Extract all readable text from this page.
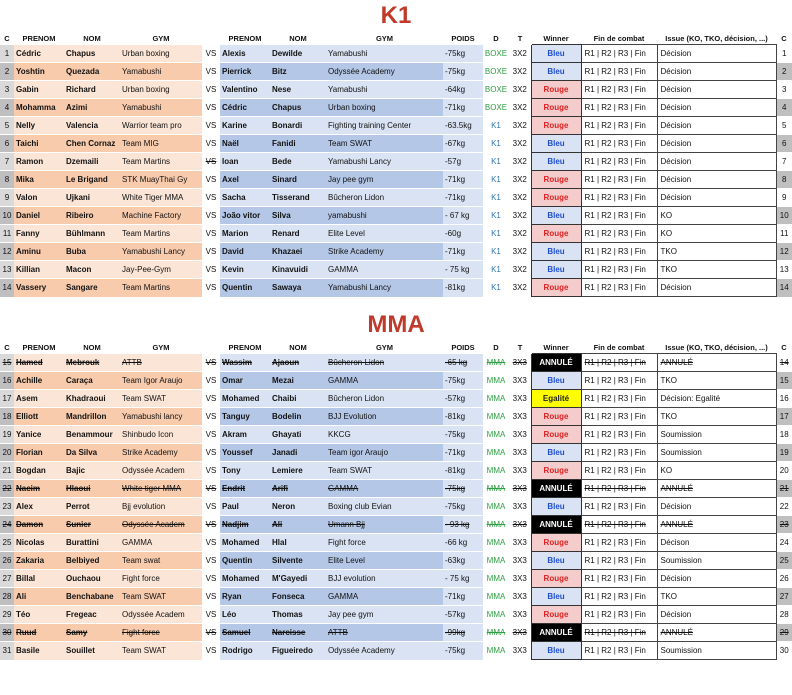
K1
C	PRENOM	NOM	GYM		PRENOM	NOM	GYM	POIDS	D	T	Winner	Fin de combat	Issue (KO, TKO, décision, ...)	C
1	Cédric	Chapus	Urban boxing	VS	Alexis	Dewilde	Yamabushi	-75kg	BOXE	3X2	Bleu	R1 | R2 | R3 | Fin	Décision	1
2	Yoshtin	Quezada	Yamabushi	VS	Pierrick	Bitz	Odyssée Academy	-75kg	BOXE	3X2	Bleu	R1 | R2 | R3 | Fin	Décision	2
3	Gabin	Richard	Urban boxing	VS	Valentino	Nese	Yamabushi	-64kg	BOXE	3X2	Rouge	R1 | R2 | R3 | Fin	Décision	3
4	Mohamma	Azimi	Yamabushi	VS	Cédric	Chapus	Urban boxing	-71kg	BOXE	3X2	Rouge	R1 | R2 | R3 | Fin	Décision	4
5	Nelly	Valencia	Warrior team pro	VS	Karine	Bonardi	Fighting training Center	-63.5kg	K1	3X2	Rouge	R1 | R2 | R3 | Fin	Décision	5
6	Taichi	Chen Cornaz	Team MIG	VS	Naël	Fanidi	Team SWAT	-67kg	K1	3X2	Bleu	R1 | R2 | R3 | Fin	Décision	6
7	Ramon	Dzemaili	Team Martins	VS	Ioan	Bede	Yamabushi Lancy	-57g	K1	3X2	Bleu	R1 | R2 | R3 | Fin	Décision	7
8	Mika	Le Brigand	STK MuayThai Gy	VS	Axel	Sinard	Jay pee gym	-71kg	K1	3X2	Rouge	R1 | R2 | R3 | Fin	Décision	8
9	Valon	Ujkani	White Tiger MMA	VS	Sacha	Tisserand	Bûcheron Lidon	-71kg	K1	3X2	Rouge	R1 | R2 | R3 | Fin	Décision	9
10	Daniel	Ribeiro	Machine Factory	VS	João vitor	Silva	yamabushi	- 67 kg	K1	3X2	Bleu	R1 | R2 | R3 | Fin	KO	10
11	Fanny	Bühlmann	Team Martins	VS	Marion	Renard	Elite Level	-60g	K1	3X2	Rouge	R1 | R2 | R3 | Fin	KO	11
12	Aminu	Buba	Yamabushi Lancy	VS	David	Khazaei	Strike Academy	-71kg	K1	3X2	Bleu	R1 | R2 | R3 | Fin	TKO	12
13	Killian	Macon	Jay-Pee-Gym	VS	Kevin	Kinavuidi	GAMMA	- 75 kg	K1	3X2	Bleu	R1 | R2 | R3 | Fin	TKO	13
14	Vassery	Sangare	Team Martins	VS	Quentin	Sawaya	Yamabushi Lancy	-81kg	K1	3X2	Rouge	R1 | R2 | R3 | Fin	Décision	14
MMA
C	PRENOM	NOM	GYM		PRENOM	NOM	GYM	POIDS	D	T	Winner	Fin de combat	Issue (KO, TKO, décision, ...)	C
15	Hamed	Mebrouk	ATTB	VS	Wassim	Ajaoun	Bûcheron Lidon	-65 kg	MMA	3X3	ANNULÉ	R1 | R2 | R3 | Fin	ANNULÉ	14
16	Achille	Caraça	Team Igor Araujo	VS	Omar	Mezai	GAMMA	-75kg	MMA	3X3	Bleu	R1 | R2 | R3 | Fin	TKO	15
17	Asem	Khadraoui	Team SWAT	VS	Mohamed	Chaibi	Bûcheron Lidon	-57kg	MMA	3X3	Egalité	R1 | R2 | R3 | Fin	Décision: Egalité	16
18	Elliott	Mandrillon	Yamabushi lancy	VS	Tanguy	Bodelin	BJJ Evolution	-81kg	MMA	3X3	Rouge	R1 | R2 | R3 | Fin	TKO	17
19	Yanice	Benammour	Shinbudo Icon	VS	Akram	Ghayati	KKCG	-75kg	MMA	3X3	Rouge	R1 | R2 | R3 | Fin	Soumission	18
20	Florian	Da Silva	Strike Academy	VS	Youssef	Janadi	Team igor Araujo	-71kg	MMA	3X3	Bleu	R1 | R2 | R3 | Fin	Soumission	19
21	Bogdan	Bajic	Odyssée Academ	VS	Tony	Lemiere	Team SWAT	-81kg	MMA	3X3	Rouge	R1 | R2 | R3 | Fin	KO	20
22	Nacim	Hlaoui	White tiger MMA	VS	Endrit	Arifi	GAMMA	-75kg	MMA	3X3	ANNULÉ	R1 | R2 | R3 | Fin	ANNULÉ	21
23	Alex	Perrot	Bjj evolution	VS	Paul	Neron	Boxing club Evian	-75kg	MMA	3X3	Bleu	R1 | R2 | R3 | Fin	Décision	22
24	Damon	Sunier	Odyssée Academ	VS	Nadjim	Ali	Umann Bjj	- 93 kg	MMA	3X3	ANNULÉ	R1 | R2 | R3 | Fin	ANNULÉ	23
25	Nicolas	Burattini	GAMMA	VS	Mohamed	Hlal	Fight force	-66 kg	MMA	3X3	Rouge	R1 | R2 | R3 | Fin	Décison	24
26	Zakaria	Belbiyed	Team swat	VS	Quentin	Silvente	Elite Level	-63kg	MMA	3X3	Bleu	R1 | R2 | R3 | Fin	Soumission	25
27	Billal	Ouchaou	Fight force	VS	Mohamed	M'Gayedi	BJJ evolution	- 75 kg	MMA	3X3	Rouge	R1 | R2 | R3 | Fin	Décision	26
28	Ali	Benchabane	Team SWAT	VS	Ryan	Fonseca	GAMMA	-71kg	MMA	3X3	Bleu	R1 | R2 | R3 | Fin	TKO	27
29	Téo	Fregeac	Odyssée Academ	VS	Léo	Thomas	Jay pee gym	-57kg	MMA	3X3	Rouge	R1 | R2 | R3 | Fin	Décision	28
30	Ruud	Samy	Fight force	VS	Samuel	Narcisse	ATTB	-99kg	MMA	3X3	ANNULÉ	R1 | R2 | R3 | Fin	ANNULÉ	29
31	Basile	Souillet	Team SWAT	VS	Rodrigo	Figueiredo	Odyssée Academy	-75kg	MMA	3X3	Bleu	R1 | R2 | R3 | Fin	Soumission	30
